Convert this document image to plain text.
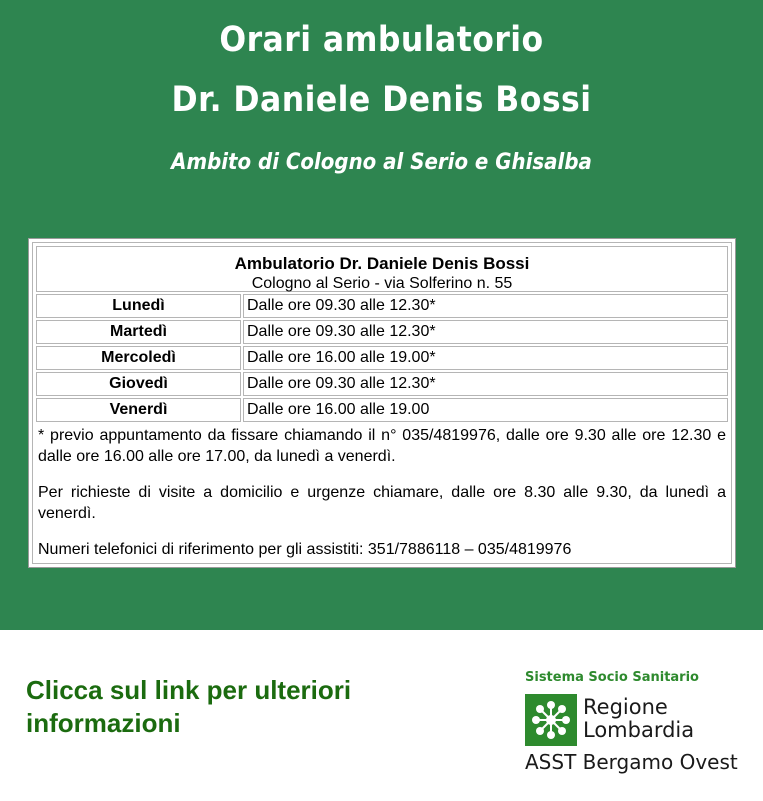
Orari ambulatorio
Dr. Daniele Denis Bossi
Ambito di Cologno al Serio e Ghisalba
Ambulatorio Dr. Daniele Denis Bossi
Cologno al Serio - via Solferino n. 55
Lunedì	Dalle ore 09.30 alle 12.30*
Martedì	Dalle ore 09.30 alle 12.30*
Mercoledì	Dalle ore 16.00 alle 19.00*
Giovedì	Dalle ore 09.30 alle 12.30*
Venerdì	Dalle ore 16.00 alle 19.00

* previo appuntamento da fissare chiamando il n° 035/4819976, dalle ore 9.30 alle ore 12.30 e dalle ore 16.00 alle ore 17.00, da lunedì a venerdì.

Per richieste di visite a domicilio e urgenze chiamare, dalle ore 8.30 alle 9.30, da lunedì a venerdì.

Numeri telefonici di riferimento per gli assistiti: 351/7886118 – 035/4819976

Clicca sul link per ulteriori informazioni
Sistema Socio Sanitario
Regione
Lombardia
ASST Bergamo Ovest
